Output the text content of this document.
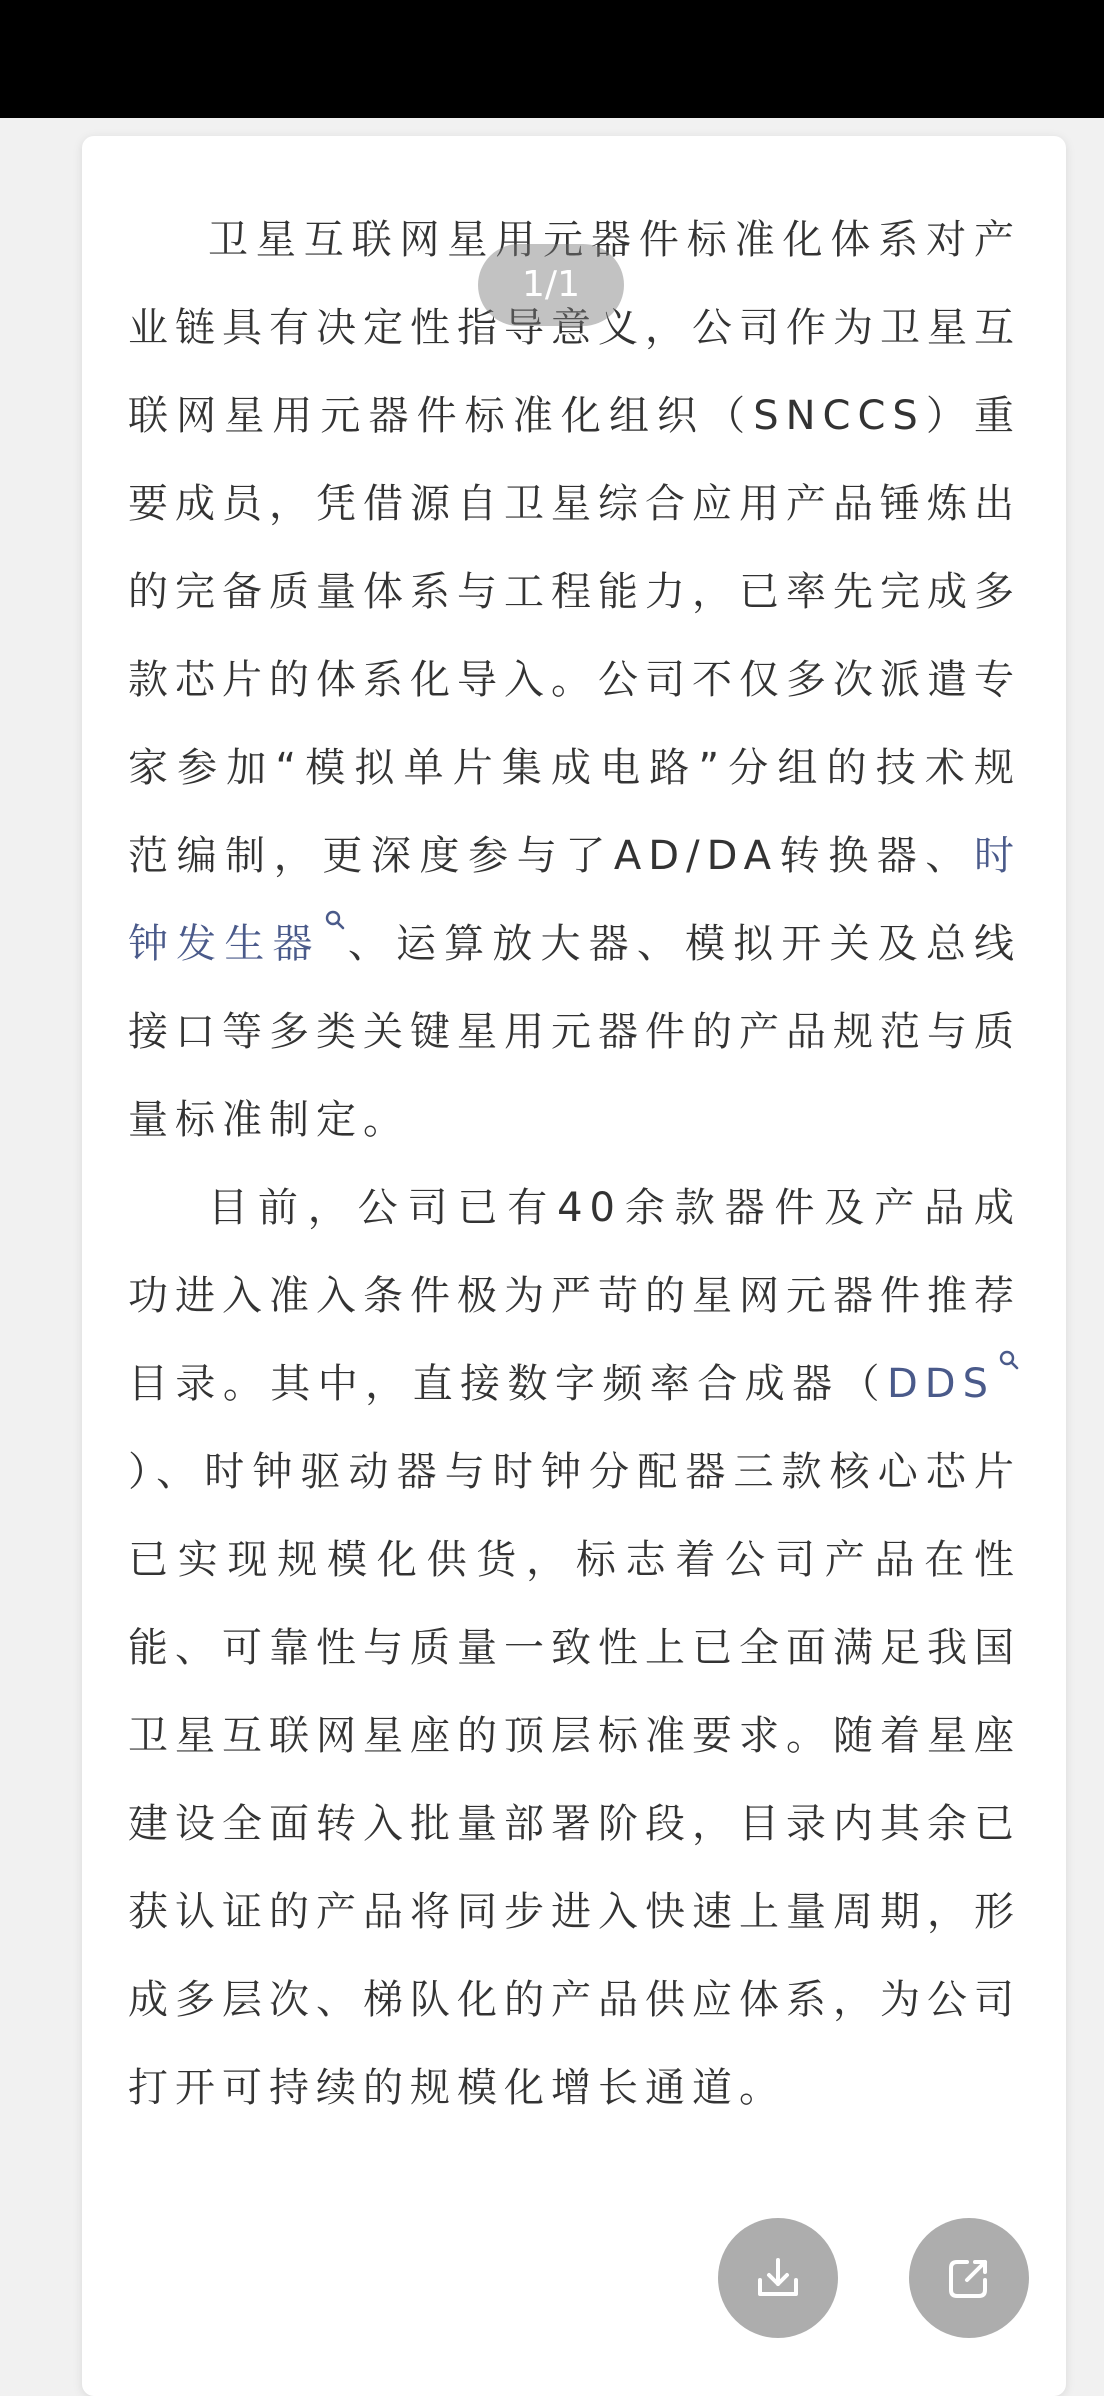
卫星互联网星用元器件标准化体系对产业链具有决定性指导意义，公司作为卫星互联网星用元器件标准化组织（SNCCS）重要成员，凭借源自卫星综合应用产品锤炼出的完备质量体系与工程能力，已率先完成多款芯片的体系化导入。公司不仅多次派遣专家参加“模拟单片集成电路”分组的技术规范编制，更深度参与了AD/DA转换器、时钟发生器 、运算放大器、模拟开关及总线接口等多类关键星用元器件的产品规范与质量标准制定。

目前，公司已有40余款器件及产品成功进入准入条件极为严苛的星网元器件推荐目录。其中，直接数字频率合成器（DDS
）、时钟驱动器与时钟分配器三款核心芯片已实现规模化供货，标志着公司产品在性能、可靠性与质量一致性上已全面满足我国卫星互联网星座的顶层标准要求。随着星座建设全面转入批量部署阶段，目录内其余已获认证的产品将同步进入快速上量周期，形成多层次、梯队化的产品供应体系，为公司打开可持续的规模化增长通道。

1/1
